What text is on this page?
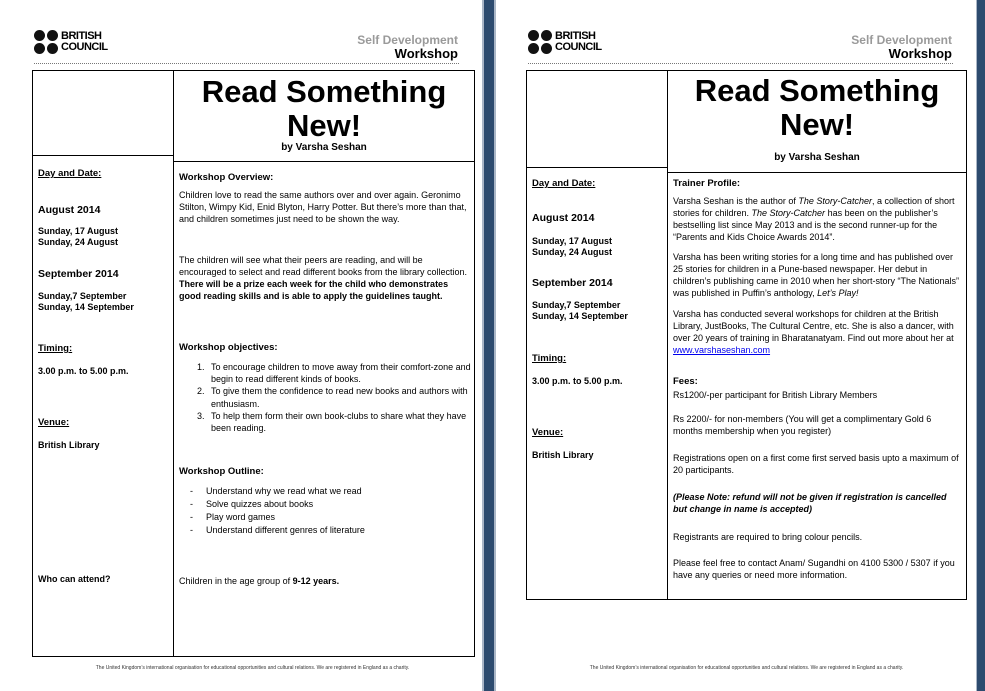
BRITISH
COUNCIL	Self Development
Workshop
Read Something
New!
by Varsha Seshan
Day and Date:
August 2014
Sunday, 17 August
Sunday, 24 August
September 2014
Sunday,7 September
Sunday, 14 September
Timing:
3.00 p.m. to 5.00 p.m.
Venue:
British Library
Who can attend?
Workshop Overview:

Children love to read the same authors over and over again. Geronimo Stilton, Wimpy Kid, Enid Blyton, Harry Potter. But there’s more than that, and children sometimes just need to be shown the way.

The children will see what their peers are reading, and will be encouraged to select and read different books from the library collection. There will be a prize each week for the child who demonstrates good reading skills and is able to apply the guidelines taught.

Workshop objectives:
1. To encourage children to move away from their comfort-zone and begin to read different kinds of books.
2. To give them the confidence to read new books and authors with enthusiasm.
3. To help them form their own book-clubs to share what they have been reading.
Workshop Outline:
- Understand why we read what we read
- Solve quizzes about books
- Play word games
- Understand different genres of literature

Children in the age group of 9-12 years.

The United Kingdom’s international organisation for educational opportunities and cultural relations. We are registered in England as a charity.
BRITISH
COUNCIL	Self Development
Workshop
Read Something
New!
by Varsha Seshan
Day and Date:
August 2014
Sunday, 17 August
Sunday, 24 August
September 2014
Sunday,7 September
Sunday, 14 September
Timing:
3.00 p.m. to 5.00 p.m.
Venue:
British Library
Trainer Profile:

Varsha Seshan is the author of The Story-Catcher, a collection of short stories for children. The Story-Catcher has been on the publisher’s bestselling list since May 2013 and is the second runner-up for the “Parents and Kids Choice Awards 2014”.

Varsha has been writing stories for a long time and has published over 25 stories for children in a Pune-based newspaper. Her debut in children’s publishing came in 2010 when her short-story “The Nationals” was published in Puffin’s anthology, Let’s Play!

Varsha has conducted several workshops for children at the British Library, JustBooks, The Cultural Centre, etc. She is also a dancer, with over 20 years of training in Bharatanatyam. Find out more about her at www.varshaseshan.com

Fees:

Rs1200/-per participant for British Library Members

Rs 2200/- for non-members (You will get a complimentary Gold 6 months membership when you register)

Registrations open on a first come first served basis upto a maximum of 20 participants.

(Please Note: refund will not be given if registration is cancelled but change in name is accepted)

Registrants are required to bring colour pencils.

Please feel free to contact Anam/ Sugandhi on 4100 5300 / 5307 if you have any queries or need more information.

The United Kingdom’s international organisation for educational opportunities and cultural relations. We are registered in England as a charity.
